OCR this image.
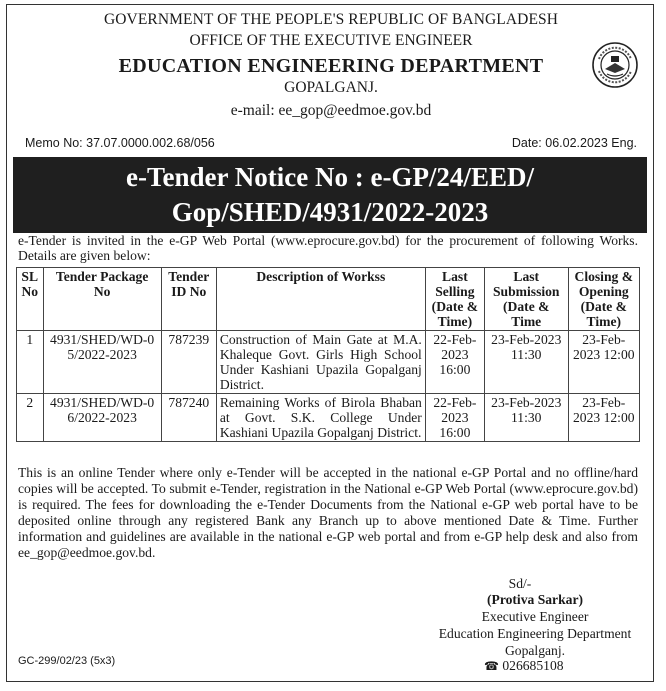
GOVERNMENT OF THE PEOPLE'S REPUBLIC OF BANGLADESH
OFFICE OF THE EXECUTIVE ENGINEER
EDUCATION ENGINEERING DEPARTMENT
GOPALGANJ.
e-mail: ee_gop@eedmoe.gov.bd
Memo No: 37.07.0000.002.68/056	Date: 06.02.2023 Eng.
e-Tender Notice No : e-GP/24/EED/
Gop/SHED/4931/2022-2023
e-Tender is invited in the e-GP Web Portal (www.eprocure.gov.bd) for the procurement of following Works. Details are given below:
SL No	Tender Package No	Tender ID No	Description of Workss	Last Selling (Date & Time)	Last Submission (Date & Time	Closing & Opening (Date & Time)
1	4931/SHED/WD-05/2022-2023	787239	Construction of Main Gate at M.A. Khaleque Govt. Girls High School Under Kashiani Upazila Gopalganj District.	22-Feb-2023 16:00	23-Feb-2023 11:30	23-Feb-2023 12:00
2	4931/SHED/WD-06/2022-2023	787240	Remaining Works of Birola Bhaban at Govt. S.K. College Under Kashiani Upazila Gopalganj District.	22-Feb-2023 16:00	23-Feb-2023 11:30	23-Feb-2023 12:00
This is an online Tender where only e-Tender will be accepted in the national e-GP Portal and no offline/hard copies will be accepted. To submit e-Tender, registration in the National e-GP Web Portal (www.eprocure.gov.bd) is required. The fees for downloading the e-Tender Documents from the National e-GP web portal have to be deposited online through any registered Bank any Branch up to above mentioned Date & Time. Further information and guidelines are available in the national e-GP web portal and from e-GP help desk and also from ee_gop@eedmoe.gov.bd.
Sd/-
(Protiva Sarkar)
Executive Engineer
Education Engineering Department
Gopalganj.
GC-299/02/23 (5x3)	☎ 026685108
